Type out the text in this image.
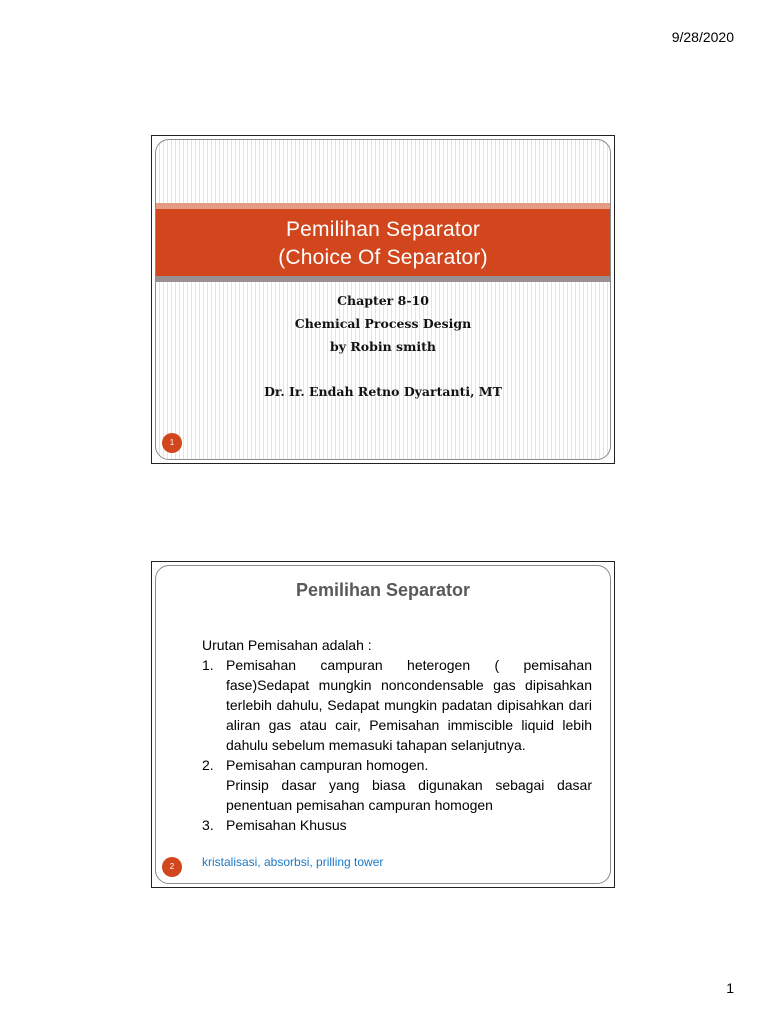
9/28/2020
Pemilihan Separator
(Choice Of Separator)
Chapter 8-10
Chemical Process Design
by Robin smith
Dr. Ir. Endah Retno Dyartanti, MT
1
Pemilihan Separator

Urutan Pemisahan adalah :

1. Pemisahan campuran heterogen ( pemisahan fase)Sedapat mungkin noncondensable gas dipisahkan terlebih dahulu, Sedapat mungkin padatan dipisahkan dari aliran gas atau cair, Pemisahan immiscible liquid lebih dahulu sebelum memasuki tahapan selanjutnya.
2. Pemisahan campuran homogen.
Prinsip dasar yang biasa digunakan sebagai dasar penentuan pemisahan campuran homogen
3. Pemisahan Khusus
kristalisasi, absorbsi, prilling tower
2
1
